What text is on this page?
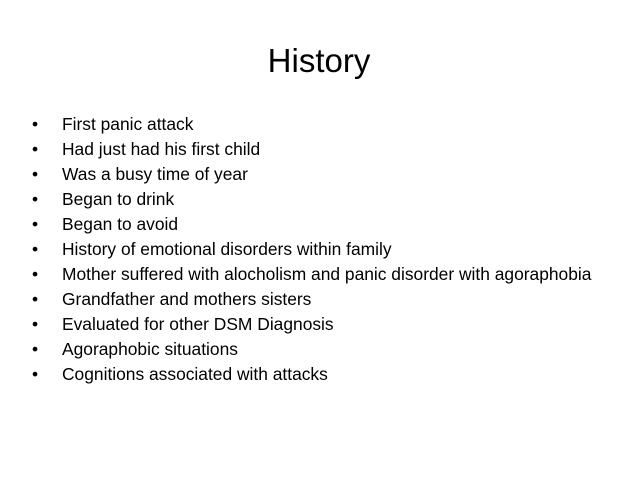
History
• First panic attack
• Had just had his first child
• Was a busy time of year
• Began to drink
• Began to avoid
• History of emotional disorders within family
• Mother suffered with alocholism and panic disorder with agoraphobia
• Grandfather and mothers sisters
• Evaluated for other DSM Diagnosis
• Agoraphobic situations
• Cognitions associated with attacks
